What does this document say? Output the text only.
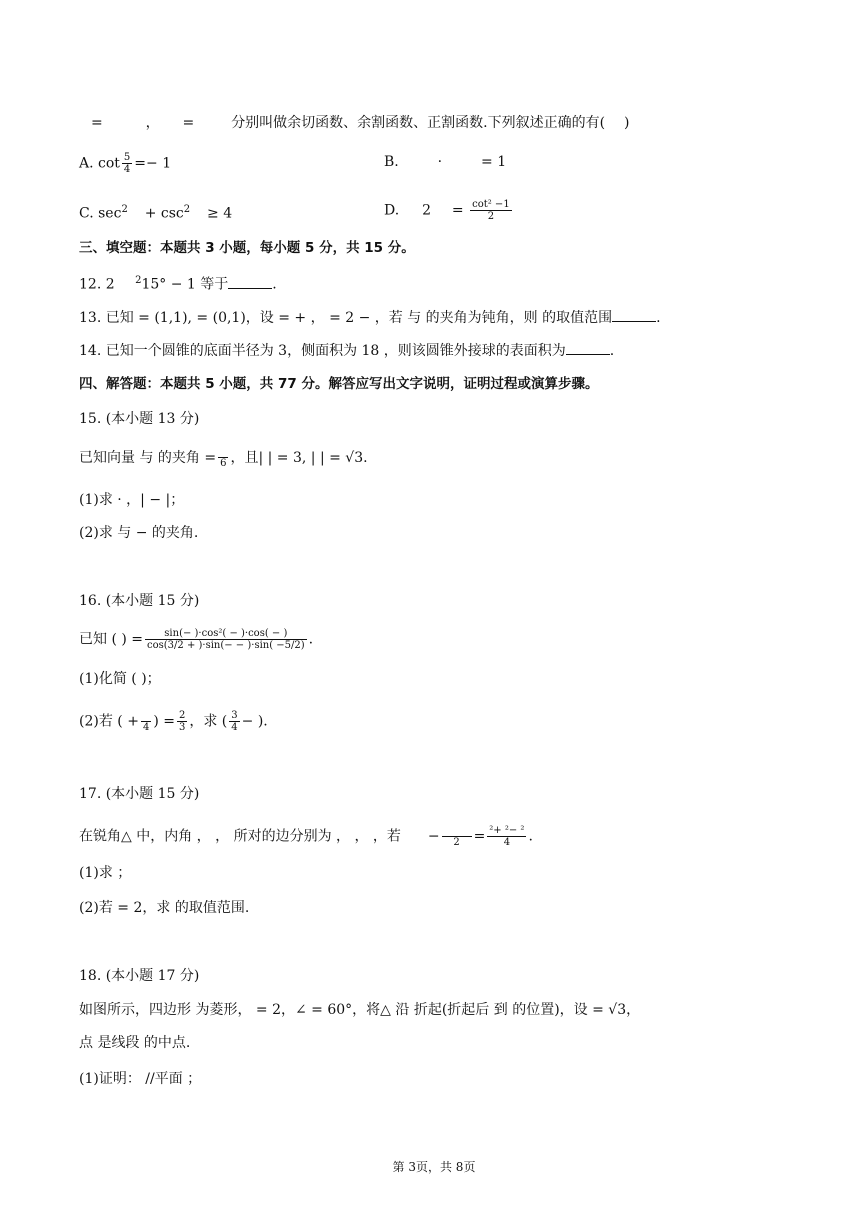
=	， =	分别叫做余切函数、余割函数、正割函数.下列叙述正确的有( )
A. $\cot \frac{5}{4} =- 1$	B.	·	= 1
C. $\sec^2 + \csc^2 \ge 4$	D. $2 = \frac{\text{cot² −1}}{2}$
三、填空题：本题共 3 小题，每小题 5 分，共 15 分。
12. 2 $^2$15° − 1 等于	.
13. 已知 = (1,1), = (0,1)，设 = + ， = 2 − ，若 与 的夹角为钝角，则 的取值范围	.
14. 已知一个圆锥的底面半径为 3，侧面积为 18 ，则该圆锥外接球的表面积为	.
四、解答题：本题共 5 小题，共 77 分。解答应写出文字说明，证明过程或演算步骤。
15. (本小题 13 分)
已知向量 与 的夹角 = 6 ，且| | = 3, | | = √3.
(1)求 · ，| − |；
(2)求 与 − 的夹角.
16. (本小题 15 分)
已知 ( ) = $\frac{\text{sin(− )·cos²( − )·cos( − )}}{\cos(3/2 + )\cdot\sin(- - )\cdot\sin( -5/2)}$ .
(1)化简 ( )；
(2)若 ( + 4 ) = $\frac{2}{3}$ ，求 ( $\frac{3}{4}$ − ).
17. (本小题 15 分)
在锐角△ 中，内角 ， ， 所对的边分别为 ， ， ，若 −	$2 = \frac{\text{²+ ²− ²}}{4}$ .
(1)求 ；
(2)若 = 2，求 的取值范围.
18. (本小题 17 分)
如图所示，四边形 为菱形， = 2，∠ = 60°，将△ 沿 折起(折起后 到 的位置)，设 = √3，
点 是线段 的中点.
(1)证明： //平面 ；
第 3页，共 8页
